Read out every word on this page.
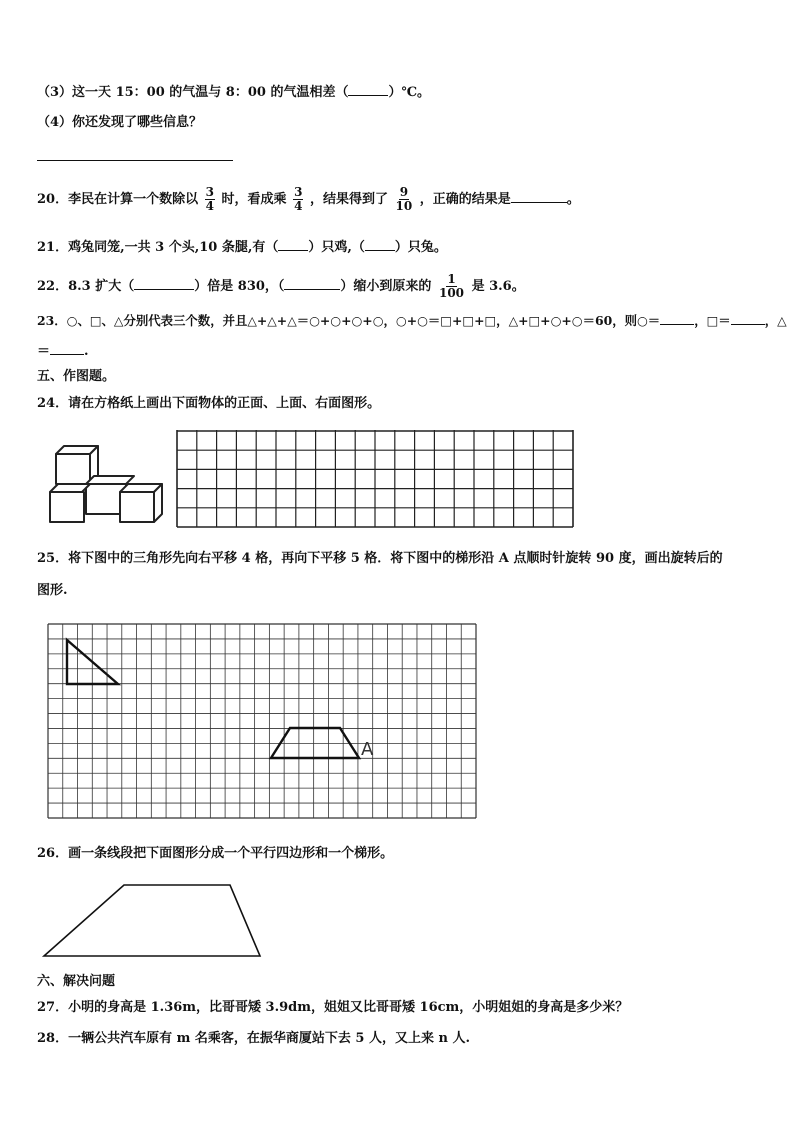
（3）这一天 15：00 的气温与 8：00 的气温相差（	）℃。
（4）你还发现了哪些信息？
20．李民在计算一个数除以 $\frac{3}{4}$ 时，看成乘 $\frac{3}{4}$ ，结果得到了 $\frac{9}{10}$ ，正确的结果是	。
21．鸡兔同笼,一共 3 个头,10 条腿,有（ ）只鸡,（ ）只兔。
22．8.3 扩大（	）倍是 830，（	）缩小到原来的 $\frac{1}{100}$ 是 3.6。
23．○、□、△分别代表三个数，并且△+△+△＝○+○+○+○，○+○＝□+□+□，△+□+○+○＝60，则○＝	，□＝	，△
＝	.
五、作图题。
24．请在方格纸上画出下面物体的正面、上面、右面图形。
25．将下图中的三角形先向右平移 4 格，再向下平移 5 格．将下图中的梯形沿 A 点顺时针旋转 90 度，画出旋转后的
图形.
A
26．画一条线段把下面图形分成一个平行四边形和一个梯形。
六、解决问题
27．小明的身高是 1.36m，比哥哥矮 3.9dm，姐姐又比哥哥矮 16cm，小明姐姐的身高是多少米？
28．一辆公共汽车原有 m 名乘客，在振华商厦站下去 5 人，又上来 n 人.
